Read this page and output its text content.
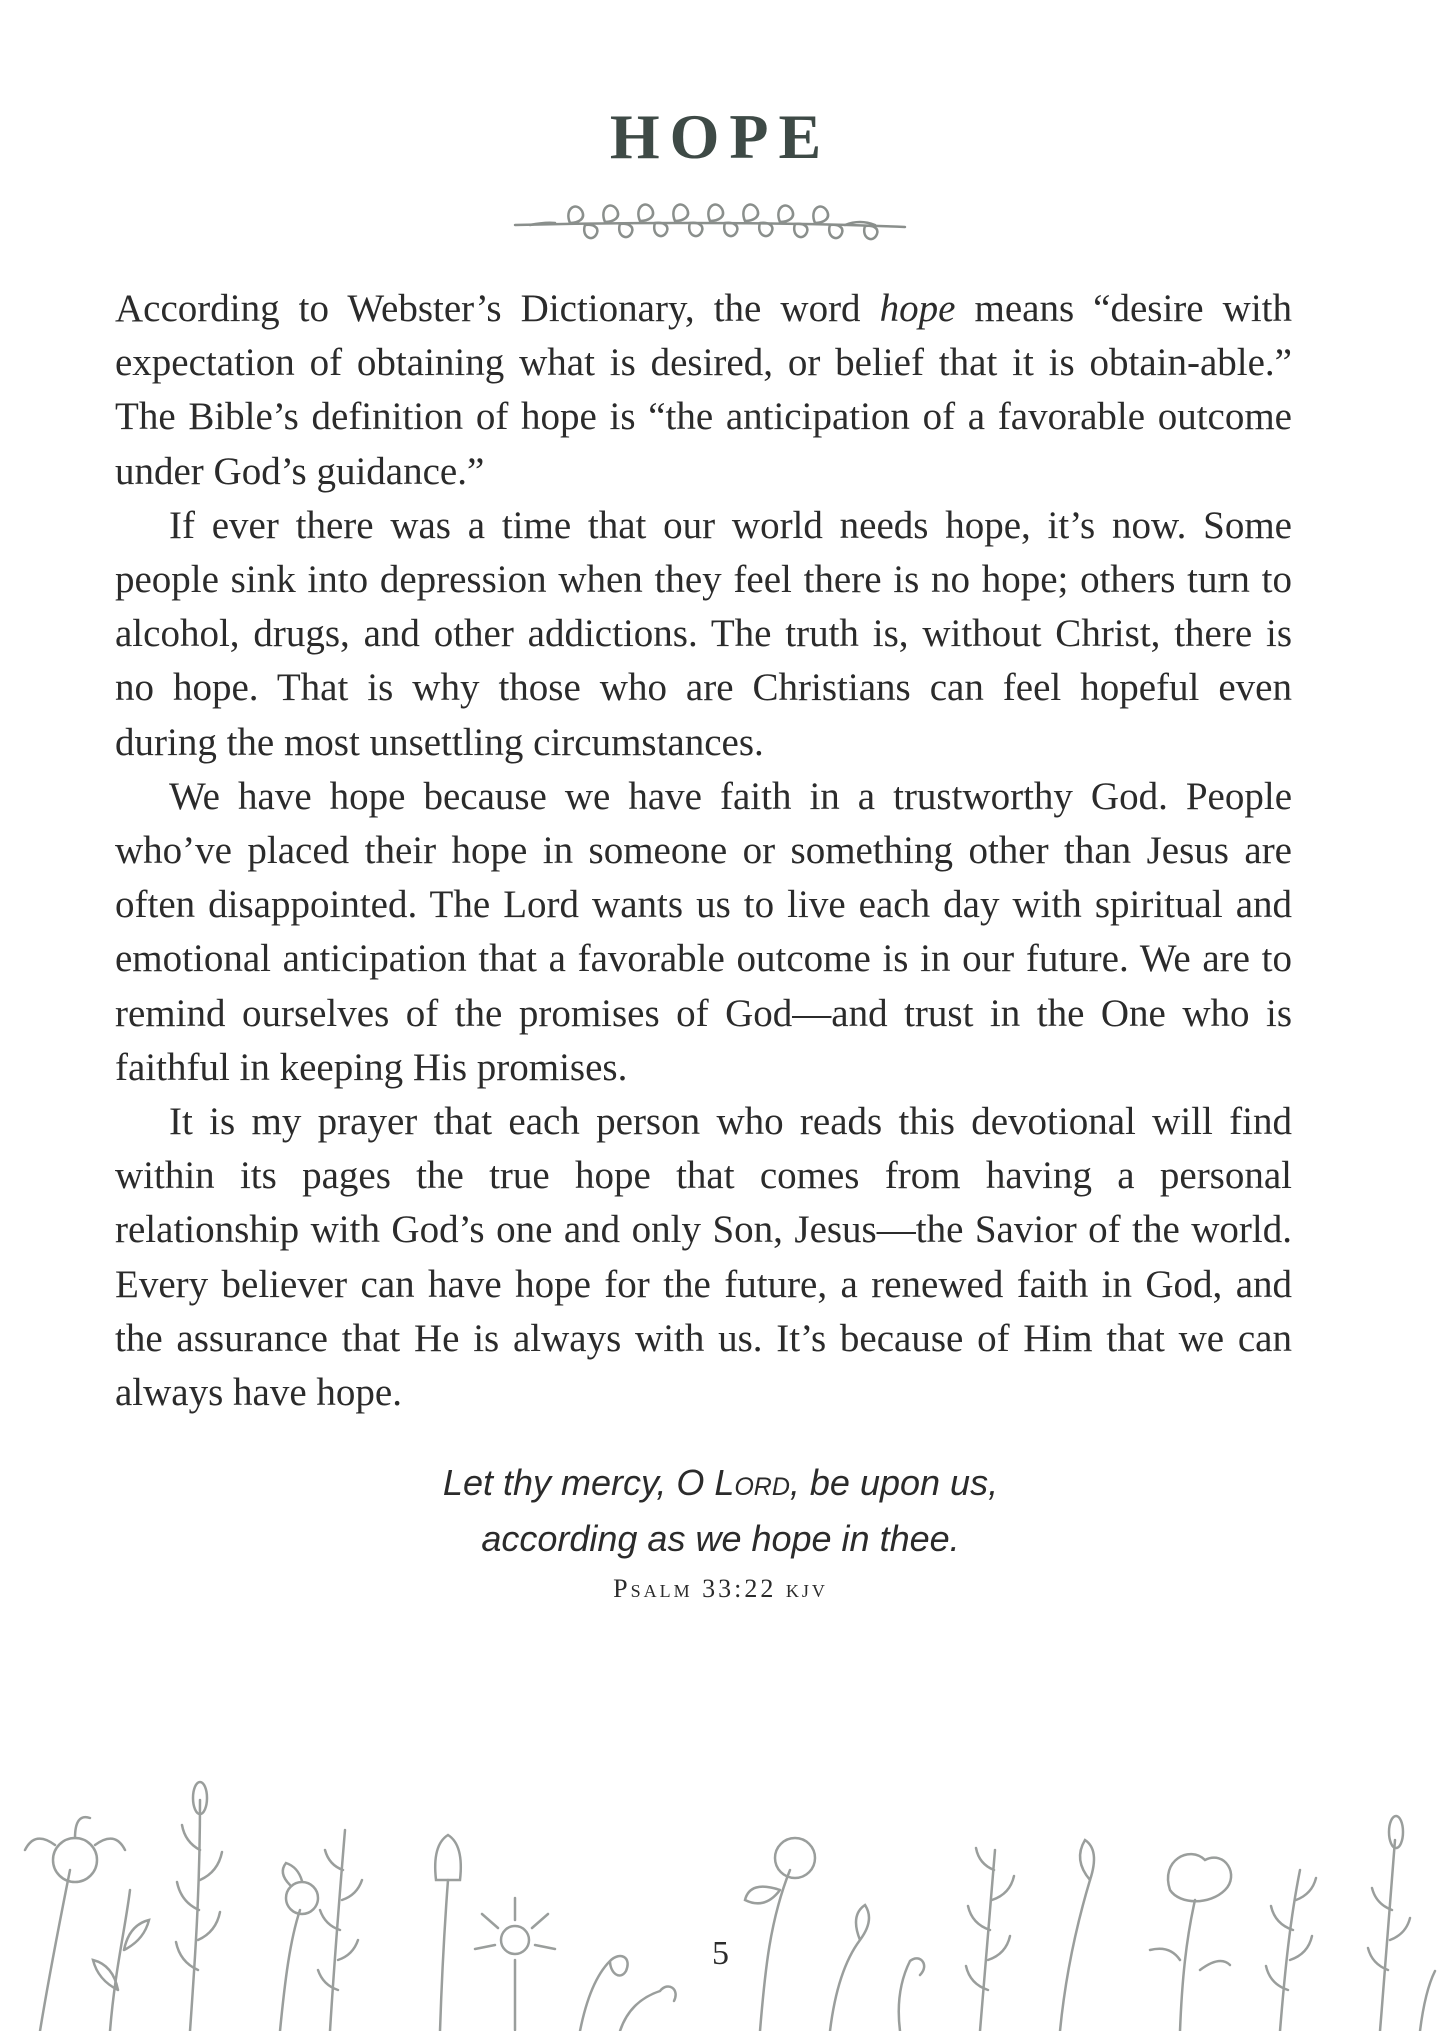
HOPE

According to Webster’s Dictionary, the word hope means “desire with expectation of obtaining what is desired, or belief that it is obtain-able.” The Bible’s definition of hope is “the anticipation of a favorable outcome under God’s guidance.”

If ever there was a time that our world needs hope, it’s now. Some people sink into depression when they feel there is no hope; others turn to alcohol, drugs, and other addictions. The truth is, without Christ, there is no hope. That is why those who are Christians can feel hopeful even during the most unsettling circumstances.

We have hope because we have faith in a trustworthy God. People who’ve placed their hope in someone or something other than Jesus are often disappointed. The Lord wants us to live each day with spiritual and emotional anticipation that a favorable outcome is in our future. We are to remind ourselves of the promises of God—and trust in the One who is faithful in keeping His promises.

It is my prayer that each person who reads this devotional will find within its pages the true hope that comes from having a personal relationship with God’s one and only Son, Jesus—the Savior of the world. Every believer can have hope for the future, a renewed faith in God, and the assurance that He is always with us. It’s because of Him that we can always have hope.

Let thy mercy, O Lord, be upon us,
according as we hope in thee.
Psalm 33:22 kjv
5
